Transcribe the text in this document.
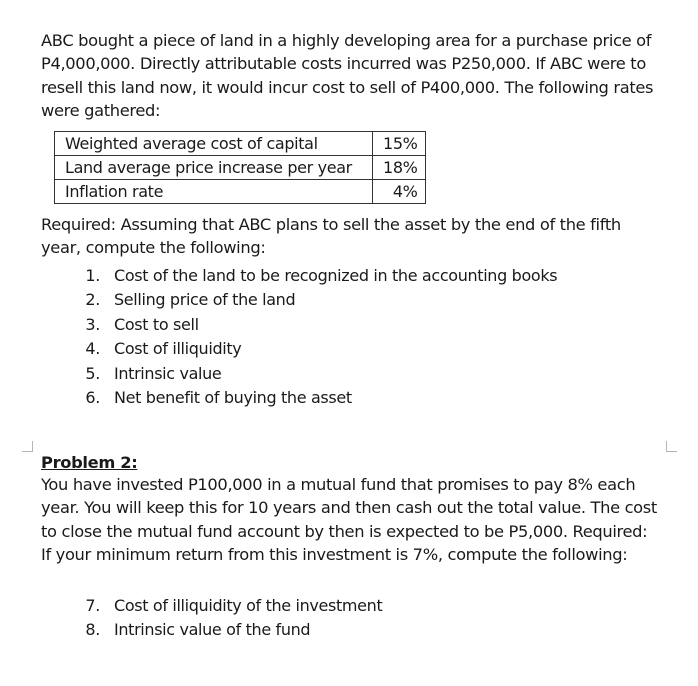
ABC bought a piece of land in a highly developing area for a purchase price of P4,000,000. Directly attributable costs incurred was P250,000. If ABC were to resell this land now, it would incur cost to sell of P400,000. The following rates were gathered:

Weighted average cost of capital	15%
Land average price increase per year	18%
Inflation rate	4%

Required: Assuming that ABC plans to sell the asset by the end of the fifth year, compute the following:

1. Cost of the land to be recognized in the accounting books
2. Selling price of the land
3. Cost to sell
4. Cost of illiquidity
5. Intrinsic value
6. Net benefit of buying the asset

Problem 2:

You have invested P100,000 in a mutual fund that promises to pay 8% each year. You will keep this for 10 years and then cash out the total value. The cost to close the mutual fund account by then is expected to be P5,000. Required: If your minimum return from this investment is 7%, compute the following:

7. Cost of illiquidity of the investment
8. Intrinsic value of the fund
